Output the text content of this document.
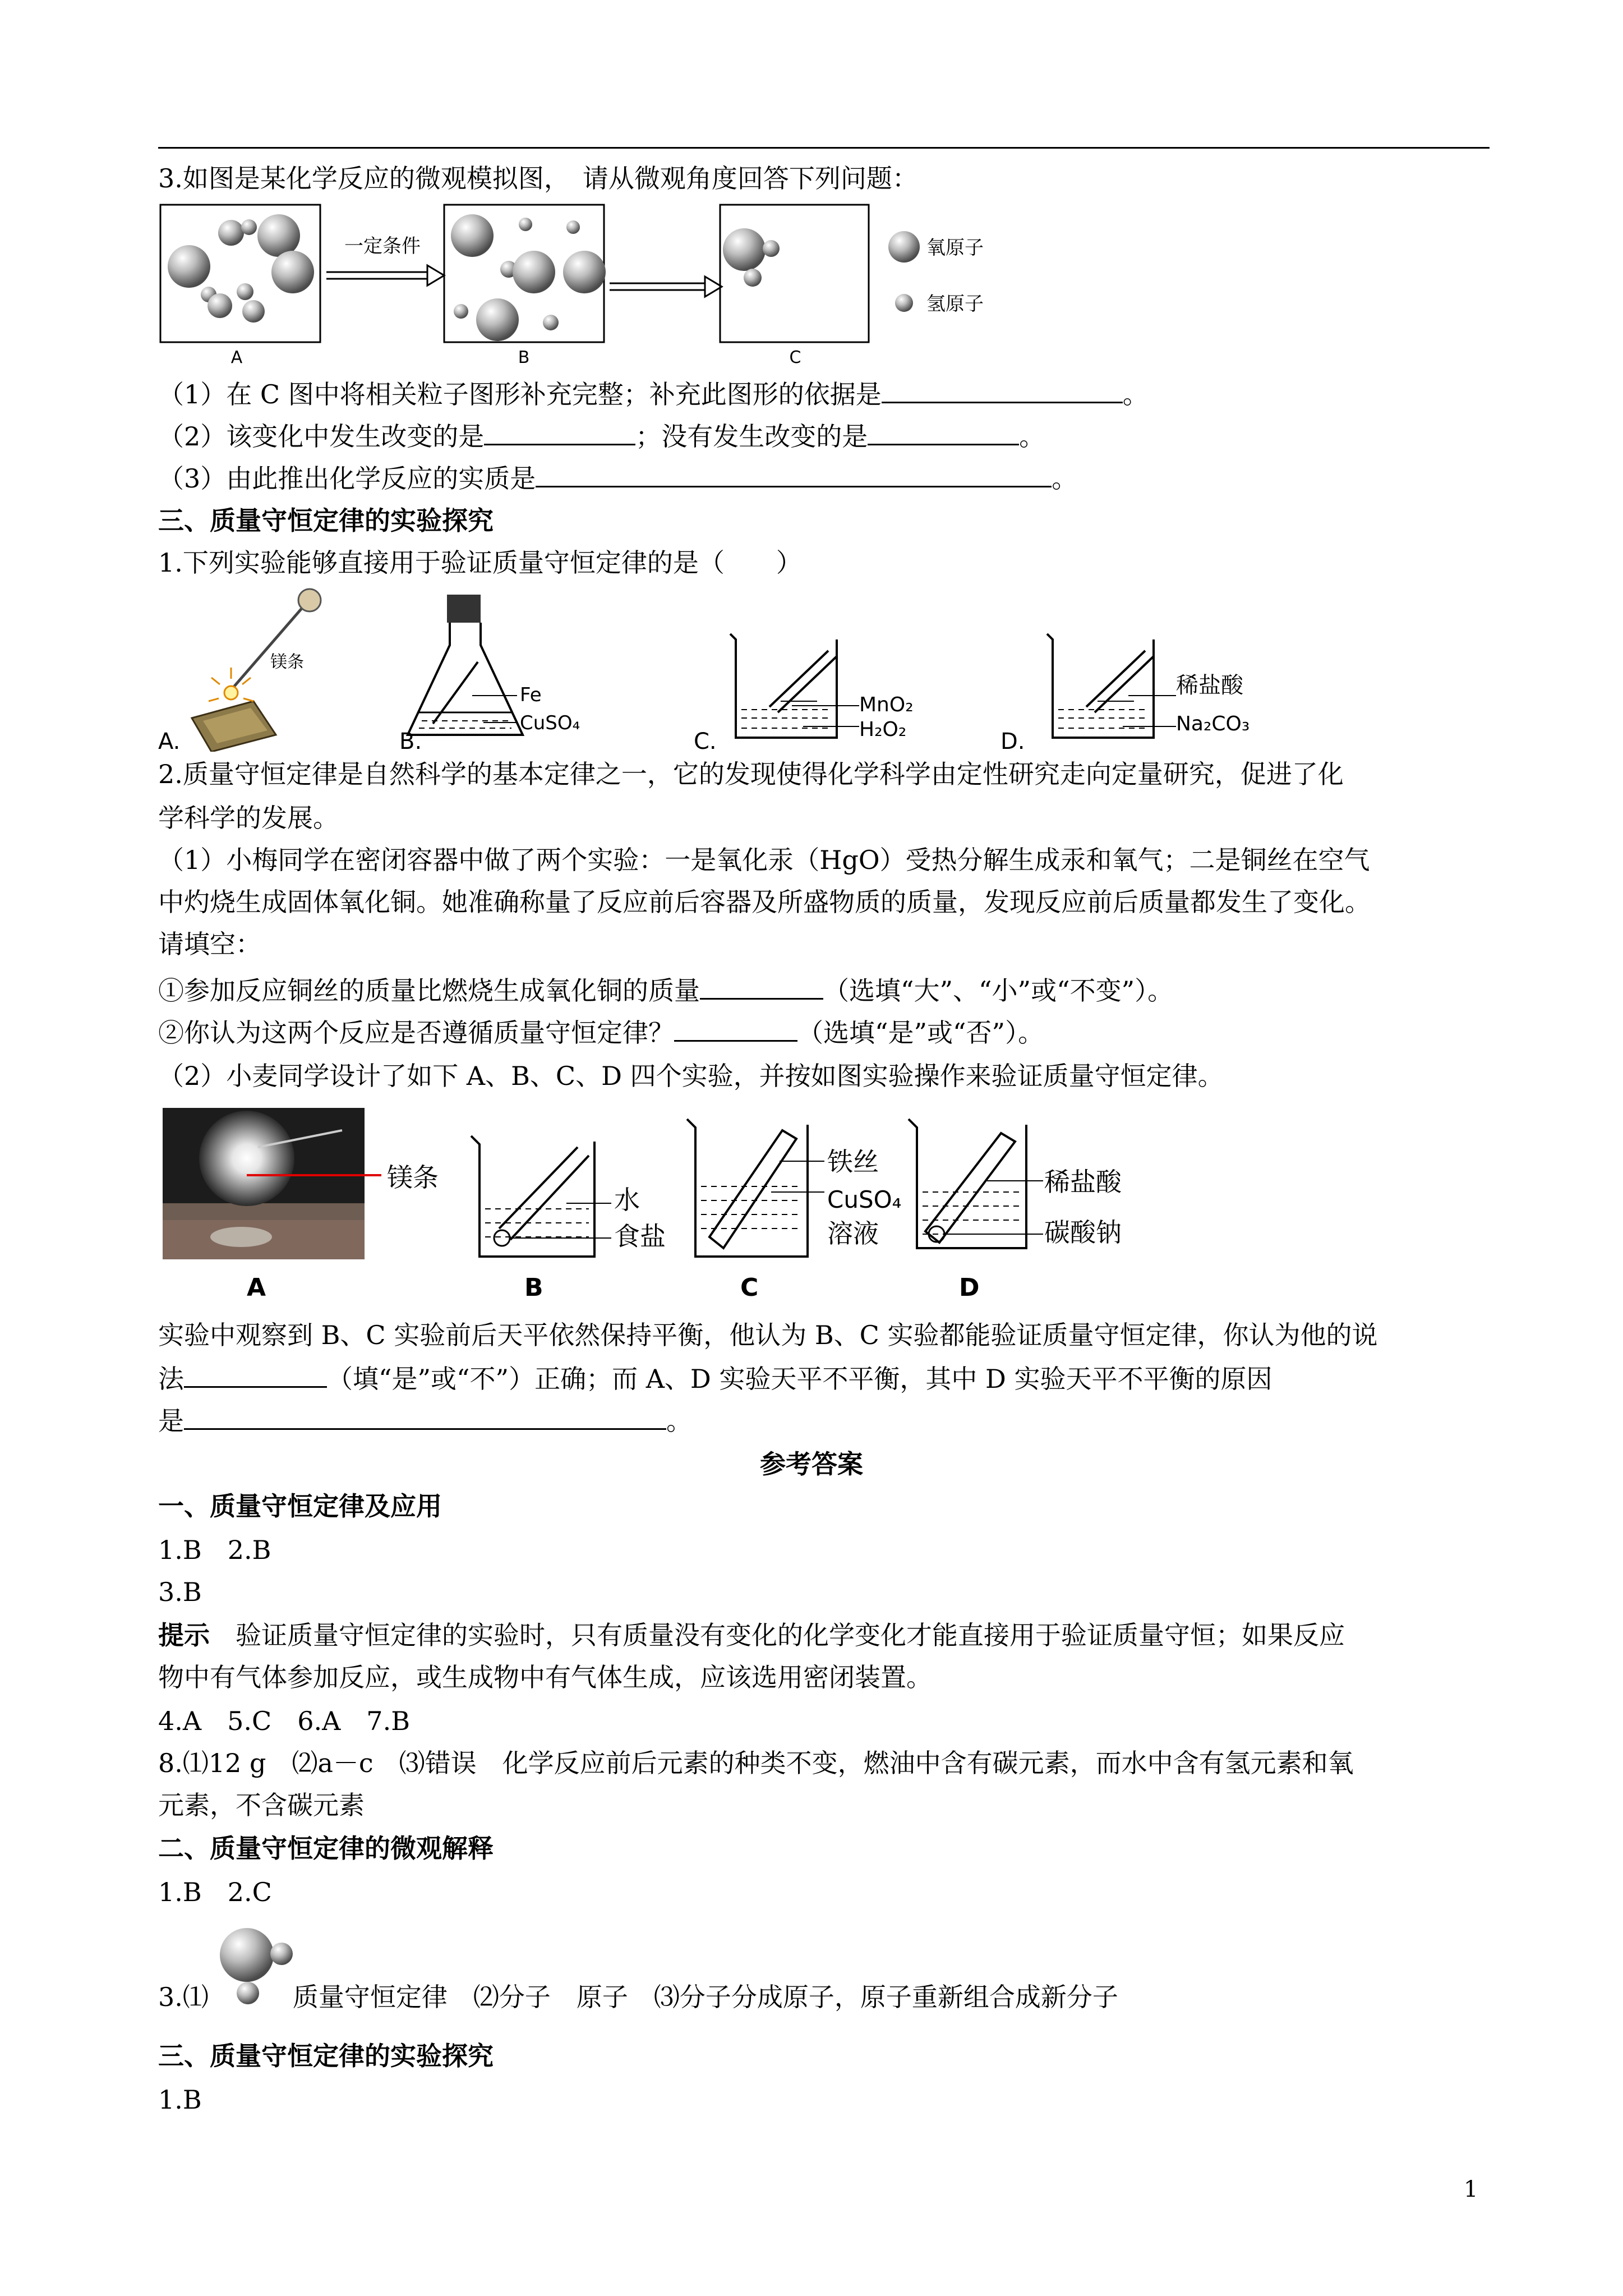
3.如图是某化学反应的微观模拟图，　请从微观角度回答下列问题：
A
一定条件
B	C
氧原子
氢原子
（1）在 C 图中将相关粒子图形补充完整；补充此图形的依据是	。
（2）该变化中发生改变的是	；没有发生改变的是	。
（3）由此推出化学反应的实质是	。
三、质量守恒定律的实验探究
1.下列实验能够直接用于验证质量守恒定律的是（　　）
镁条
A.
Fe
CuSO₄
B.
MnO₂
H₂O₂
C.
稀盐酸
Na₂CO₃
D.
2.质量守恒定律是自然科学的基本定律之一，它的发现使得化学科学由定性研究走向定量研究，促进了化
学科学的发展。
（1）小梅同学在密闭容器中做了两个实验：一是氧化汞（HgO）受热分解生成汞和氧气；二是铜丝在空气
中灼烧生成固体氧化铜。她准确称量了反应前后容器及所盛物质的质量，发现反应前后质量都发生了变化。
请填空：
①参加反应铜丝的质量比燃烧生成氧化铜的质量	（选填“大”、“小”或“不变”）。
②你认为这两个反应是否遵循质量守恒定律？	（选填“是”或“否”）。
（2）小麦同学设计了如下 A、B、C、D 四个实验，并按如图实验操作来验证质量守恒定律。
镁条
A
水
食盐
B
铁丝
CuSO₄
溶液
C
稀盐酸
碳酸钠
D
实验中观察到 B、C 实验前后天平依然保持平衡，他认为 B、C 实验都能验证质量守恒定律，你认为他的说
法	（填“是”或“不”）正确；而 A、D 实验天平不平衡，其中 D 实验天平不平衡的原因
是	。
参考答案
一、质量守恒定律及应用
1.B　2.B
3.B
提示　验证质量守恒定律的实验时，只有质量没有变化的化学变化才能直接用于验证质量守恒；如果反应
物中有气体参加反应，或生成物中有气体生成，应该选用密闭装置。
4.A　5.C　6.A　7.B
8.⑴12 g　⑵a－c　⑶错误　化学反应前后元素的种类不变，燃油中含有碳元素，而水中含有氢元素和氧
元素，不含碳元素
二、质量守恒定律的微观解释
1.B　2.C
3.⑴	质量守恒定律　⑵分子　原子　⑶分子分成原子，原子重新组合成新分子
三、质量守恒定律的实验探究
1.B
1
